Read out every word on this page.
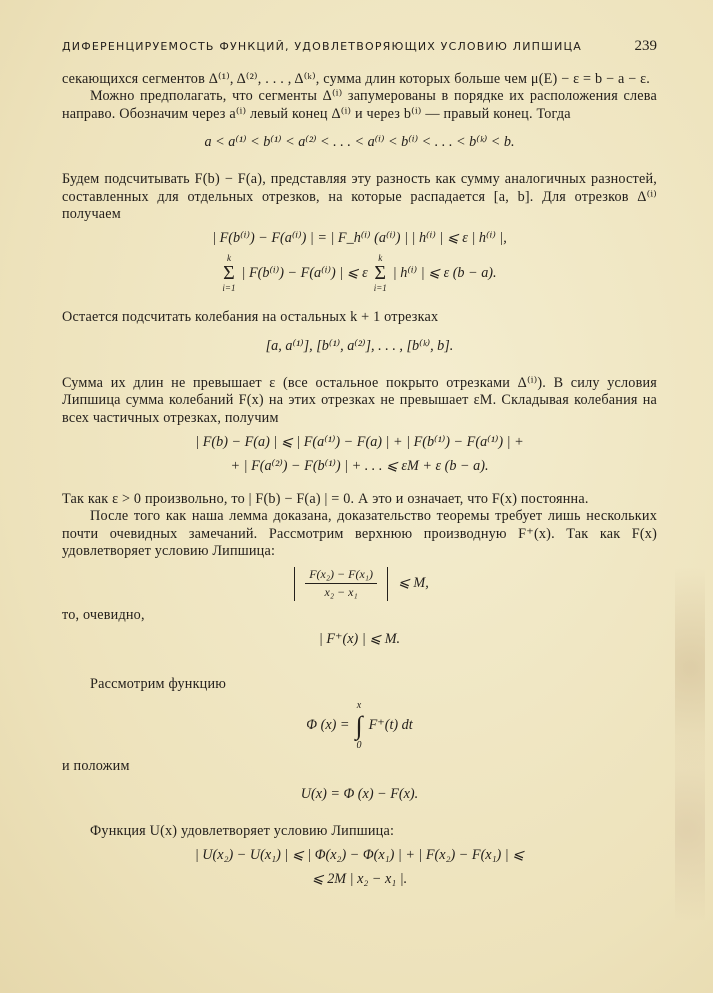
ДИФЕРЕНЦИРУЕМОСТЬ ФУНКЦИЙ, УДОВЛЕТВОРЯЮЩИХ УСЛОВИЮ ЛИПШИЦА	239

секающихся сегментов Δ⁽¹⁾, Δ⁽²⁾, . . . , Δ⁽ᵏ⁾, сумма длин которых больше чем μ(E) − ε = b − a − ε.

Можно предполагать, что сегменты Δ⁽ⁱ⁾ запумерованы в порядке их расположения слева направо. Обозначим через a⁽ⁱ⁾ левый конец Δ⁽ⁱ⁾ и через b⁽ⁱ⁾ — правый конец. Тогда

a < a⁽¹⁾ < b⁽¹⁾ < a⁽²⁾ < . . . < a⁽ⁱ⁾ < b⁽ⁱ⁾ < . . . < b⁽ᵏ⁾ < b.

Будем подсчитывать F(b) − F(a), представляя эту разность как сумму аналогичных разностей, составленных для отдельных отрезков, на которые распадается [a, b]. Для отрезков Δ⁽ⁱ⁾ получаем

| F(b⁽ⁱ⁾) − F(a⁽ⁱ⁾) | = | F_h⁽ⁱ⁾ (a⁽ⁱ⁾) | | h⁽ⁱ⁾ | ⩽ ε | h⁽ⁱ⁾ |,
k
Σ
i=1
| F(b⁽ⁱ⁾) − F(a⁽ⁱ⁾) | ⩽ ε
k
Σ
i=1
| h⁽ⁱ⁾ | ⩽ ε (b − a).

Остается подсчитать колебания на остальных k + 1 отрезках

[a, a⁽¹⁾], [b⁽¹⁾, a⁽²⁾], . . . , [b⁽ᵏ⁾, b].

Сумма их длин не превышает ε (все остальное покрыто отрезками Δ⁽ⁱ⁾). В силу условия Липшица сумма колебаний F(x) на этих отрезках не превышает εM. Складывая колебания на всех частичных отрезках, получим

| F(b) − F(a) | ⩽ | F(a⁽¹⁾) − F(a) | + | F(b⁽¹⁾) − F(a⁽¹⁾) | +
+ | F(a⁽²⁾) − F(b⁽¹⁾) | + . . . ⩽ εM + ε (b − a).

Так как ε > 0 произвольно, то | F(b) − F(a) | = 0. А это и означает, что F(x) постоянна.

После того как наша лемма доказана, доказательство теоремы требует лишь нескольких почти очевидных замечаний. Рассмотрим верхнюю производную F⁺(x). Так как F(x) удовлетворяет условию Липшица:

$\frac{\text{F(x₂) − F(x₁)}}{\text{x₂ − x₁}}$ ⩽ M,

то, очевидно,

| F⁺(x) | ⩽ M.

Рассмотрим функцию

Φ (x) =
x
∫
0
F⁺(t) dt

и положим

U(x) = Φ (x) − F(x).

Функция U(x) удовлетворяет условию Липшица:

| U(x₂) − U(x₁) | ⩽ | Φ(x₂) − Φ(x₁) | + | F(x₂) − F(x₁) | ⩽
⩽ 2M | x₂ − x₁ |.
